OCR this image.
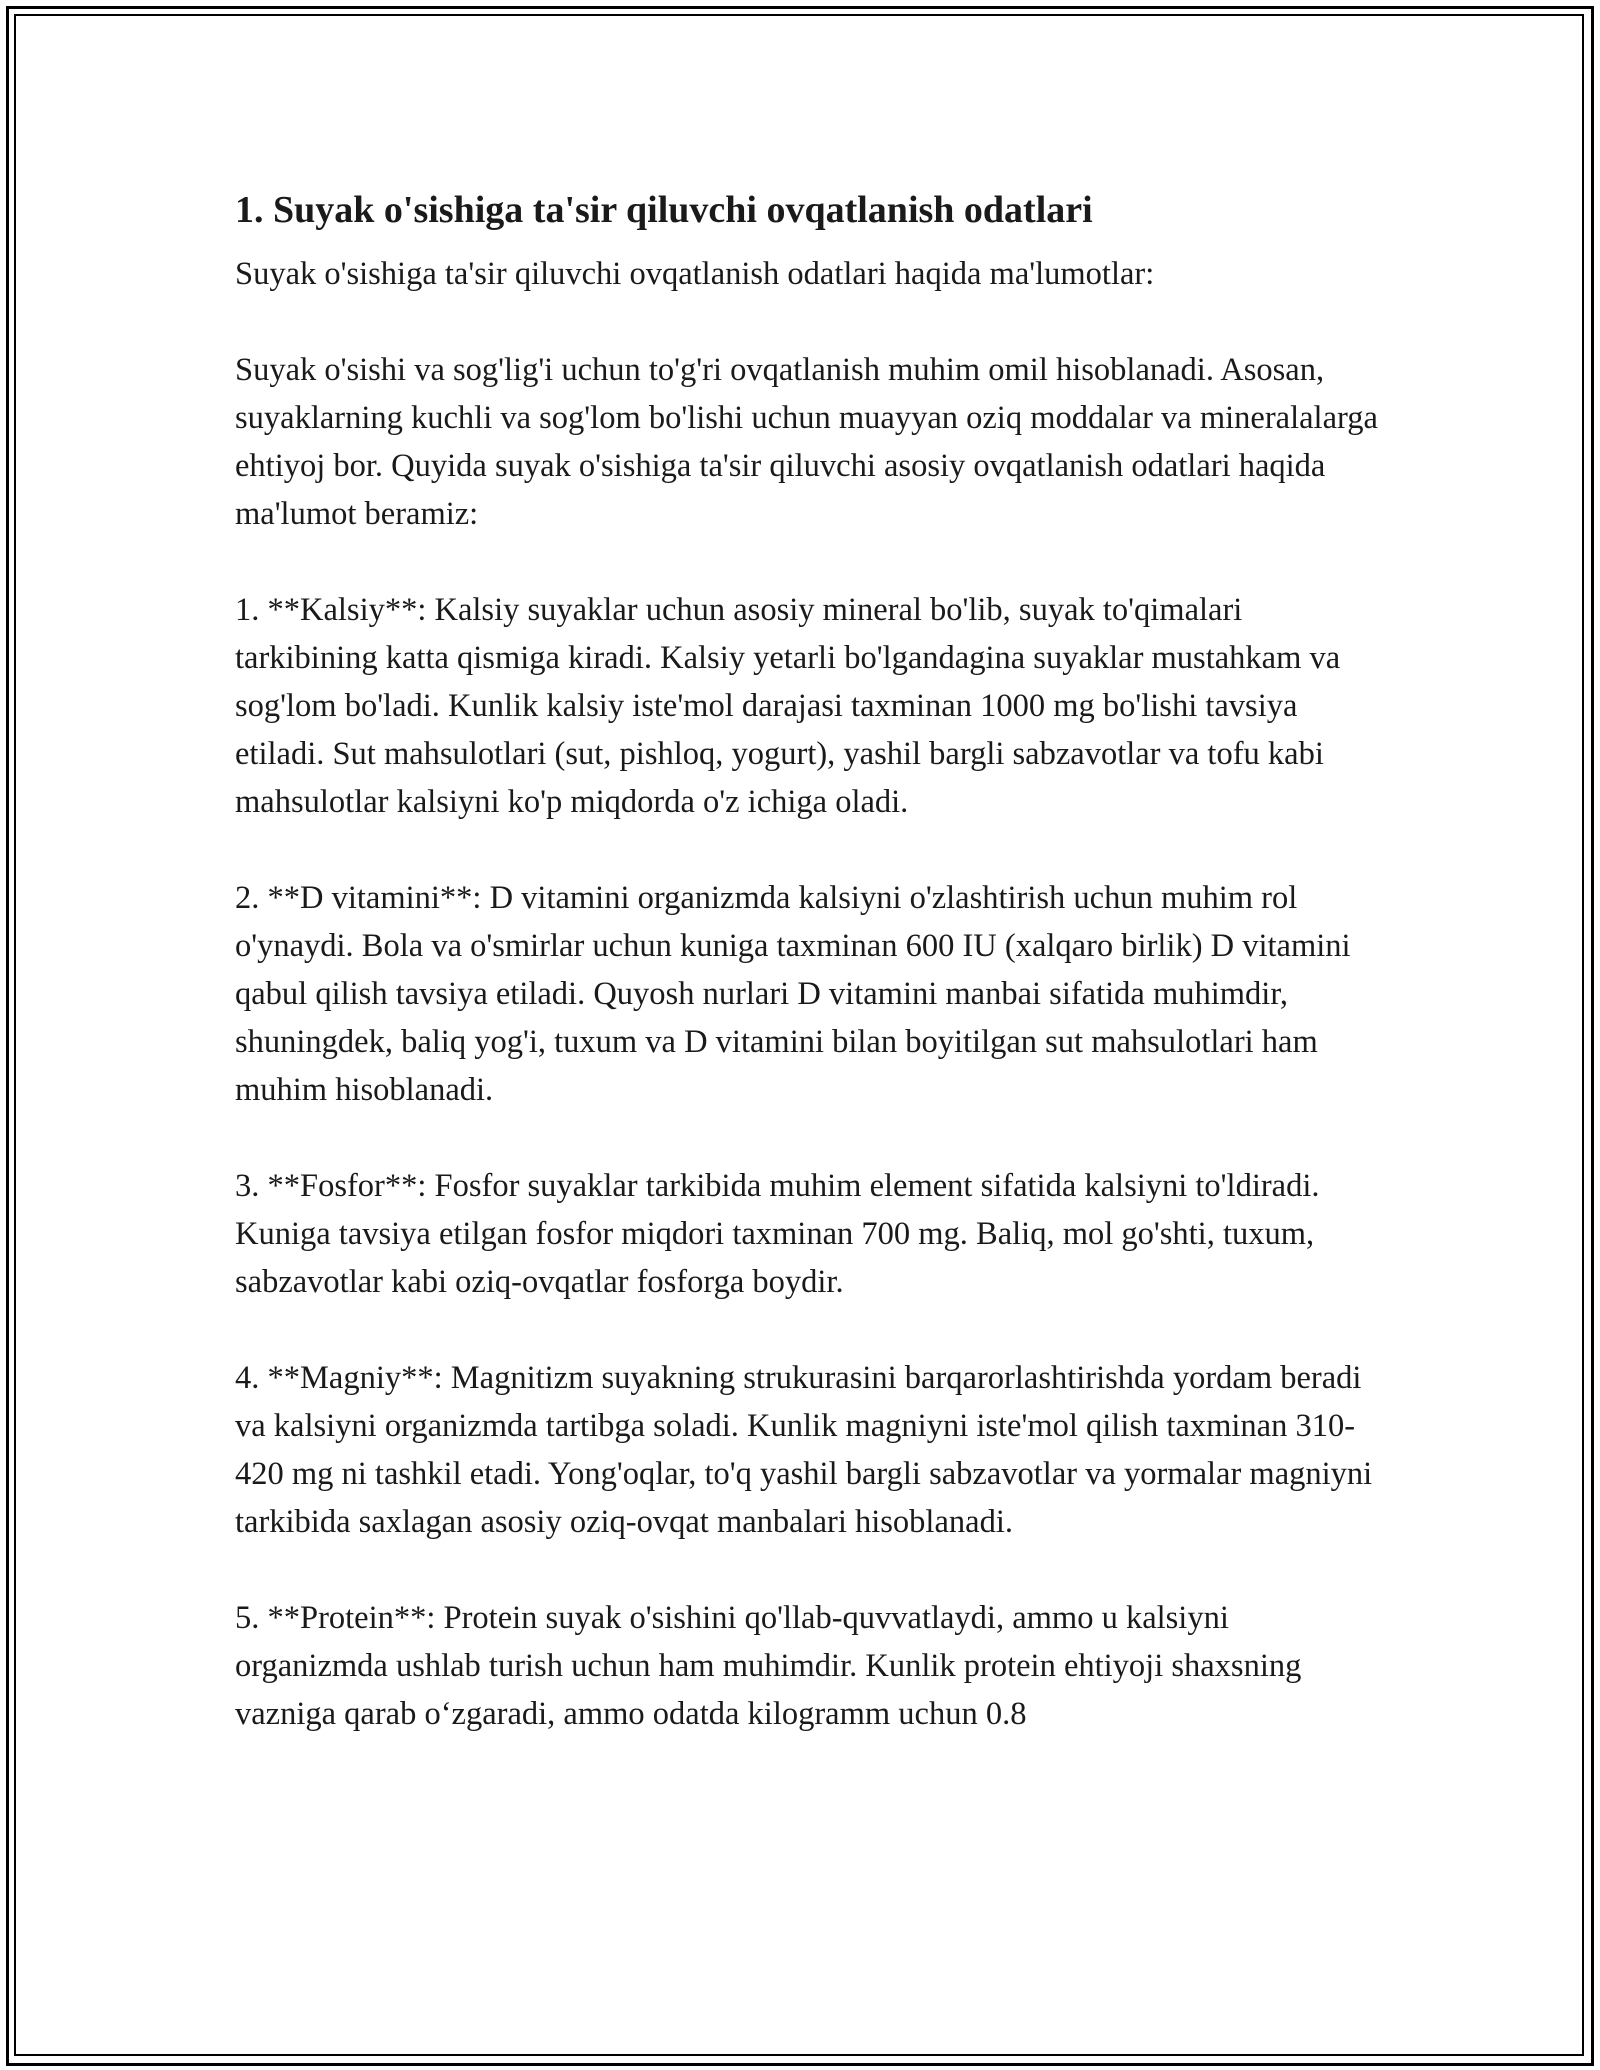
1. Suyak o'sishiga ta'sir qiluvchi ovqatlanish odatlari

Suyak o'sishiga ta'sir qiluvchi ovqatlanish odatlari haqida ma'lumotlar:

Suyak o'sishi va sog'lig'i uchun to'g'ri ovqatlanish muhim omil hisoblanadi. Asosan, suyaklarning kuchli va sog'lom bo'lishi uchun muayyan oziq moddalar va mineralalarga ehtiyoj bor. Quyida suyak o'sishiga ta'sir qiluvchi asosiy ovqatlanish odatlari haqida ma'lumot beramiz:

1. **Kalsiy**: Kalsiy suyaklar uchun asosiy mineral bo'lib, suyak to'qimalari tarkibining katta qismiga kiradi. Kalsiy yetarli bo'lgandagina suyaklar mustahkam va sog'lom bo'ladi. Kunlik kalsiy iste'mol darajasi taxminan 1000 mg bo'lishi tavsiya etiladi. Sut mahsulotlari (sut, pishloq, yogurt), yashil bargli sabzavotlar va tofu kabi mahsulotlar kalsiyni ko'p miqdorda o'z ichiga oladi.

2. **D vitamini**: D vitamini organizmda kalsiyni o'zlashtirish uchun muhim rol o'ynaydi. Bola va o'smirlar uchun kuniga taxminan 600 IU (xalqaro birlik) D vitamini qabul qilish tavsiya etiladi. Quyosh nurlari D vitamini manbai sifatida muhimdir, shuningdek, baliq yog'i, tuxum va D vitamini bilan boyitilgan sut mahsulotlari ham muhim hisoblanadi.

3. **Fosfor**: Fosfor suyaklar tarkibida muhim element sifatida kalsiyni to'ldiradi. Kuniga tavsiya etilgan fosfor miqdori taxminan 700 mg. Baliq, mol go'shti, tuxum, sabzavotlar kabi oziq-ovqatlar fosforga boydir.

4. **Magniy**: Magnitizm suyakning strukurasini barqarorlashtirishda yordam beradi va kalsiyni organizmda tartibga soladi. Kunlik magniyni iste'mol qilish taxminan 310-420 mg ni tashkil etadi. Yong'oqlar, to'q yashil bargli sabzavotlar va yormalar magniyni tarkibida saxlagan asosiy oziq-ovqat manbalari hisoblanadi.

5. **Protein**: Protein suyak o'sishini qo'llab-quvvatlaydi, ammo u kalsiyni organizmda ushlab turish uchun ham muhimdir. Kunlik protein ehtiyoji shaxsning vazniga qarab o‘zgaradi, ammo odatda kilogramm uchun 0.8
